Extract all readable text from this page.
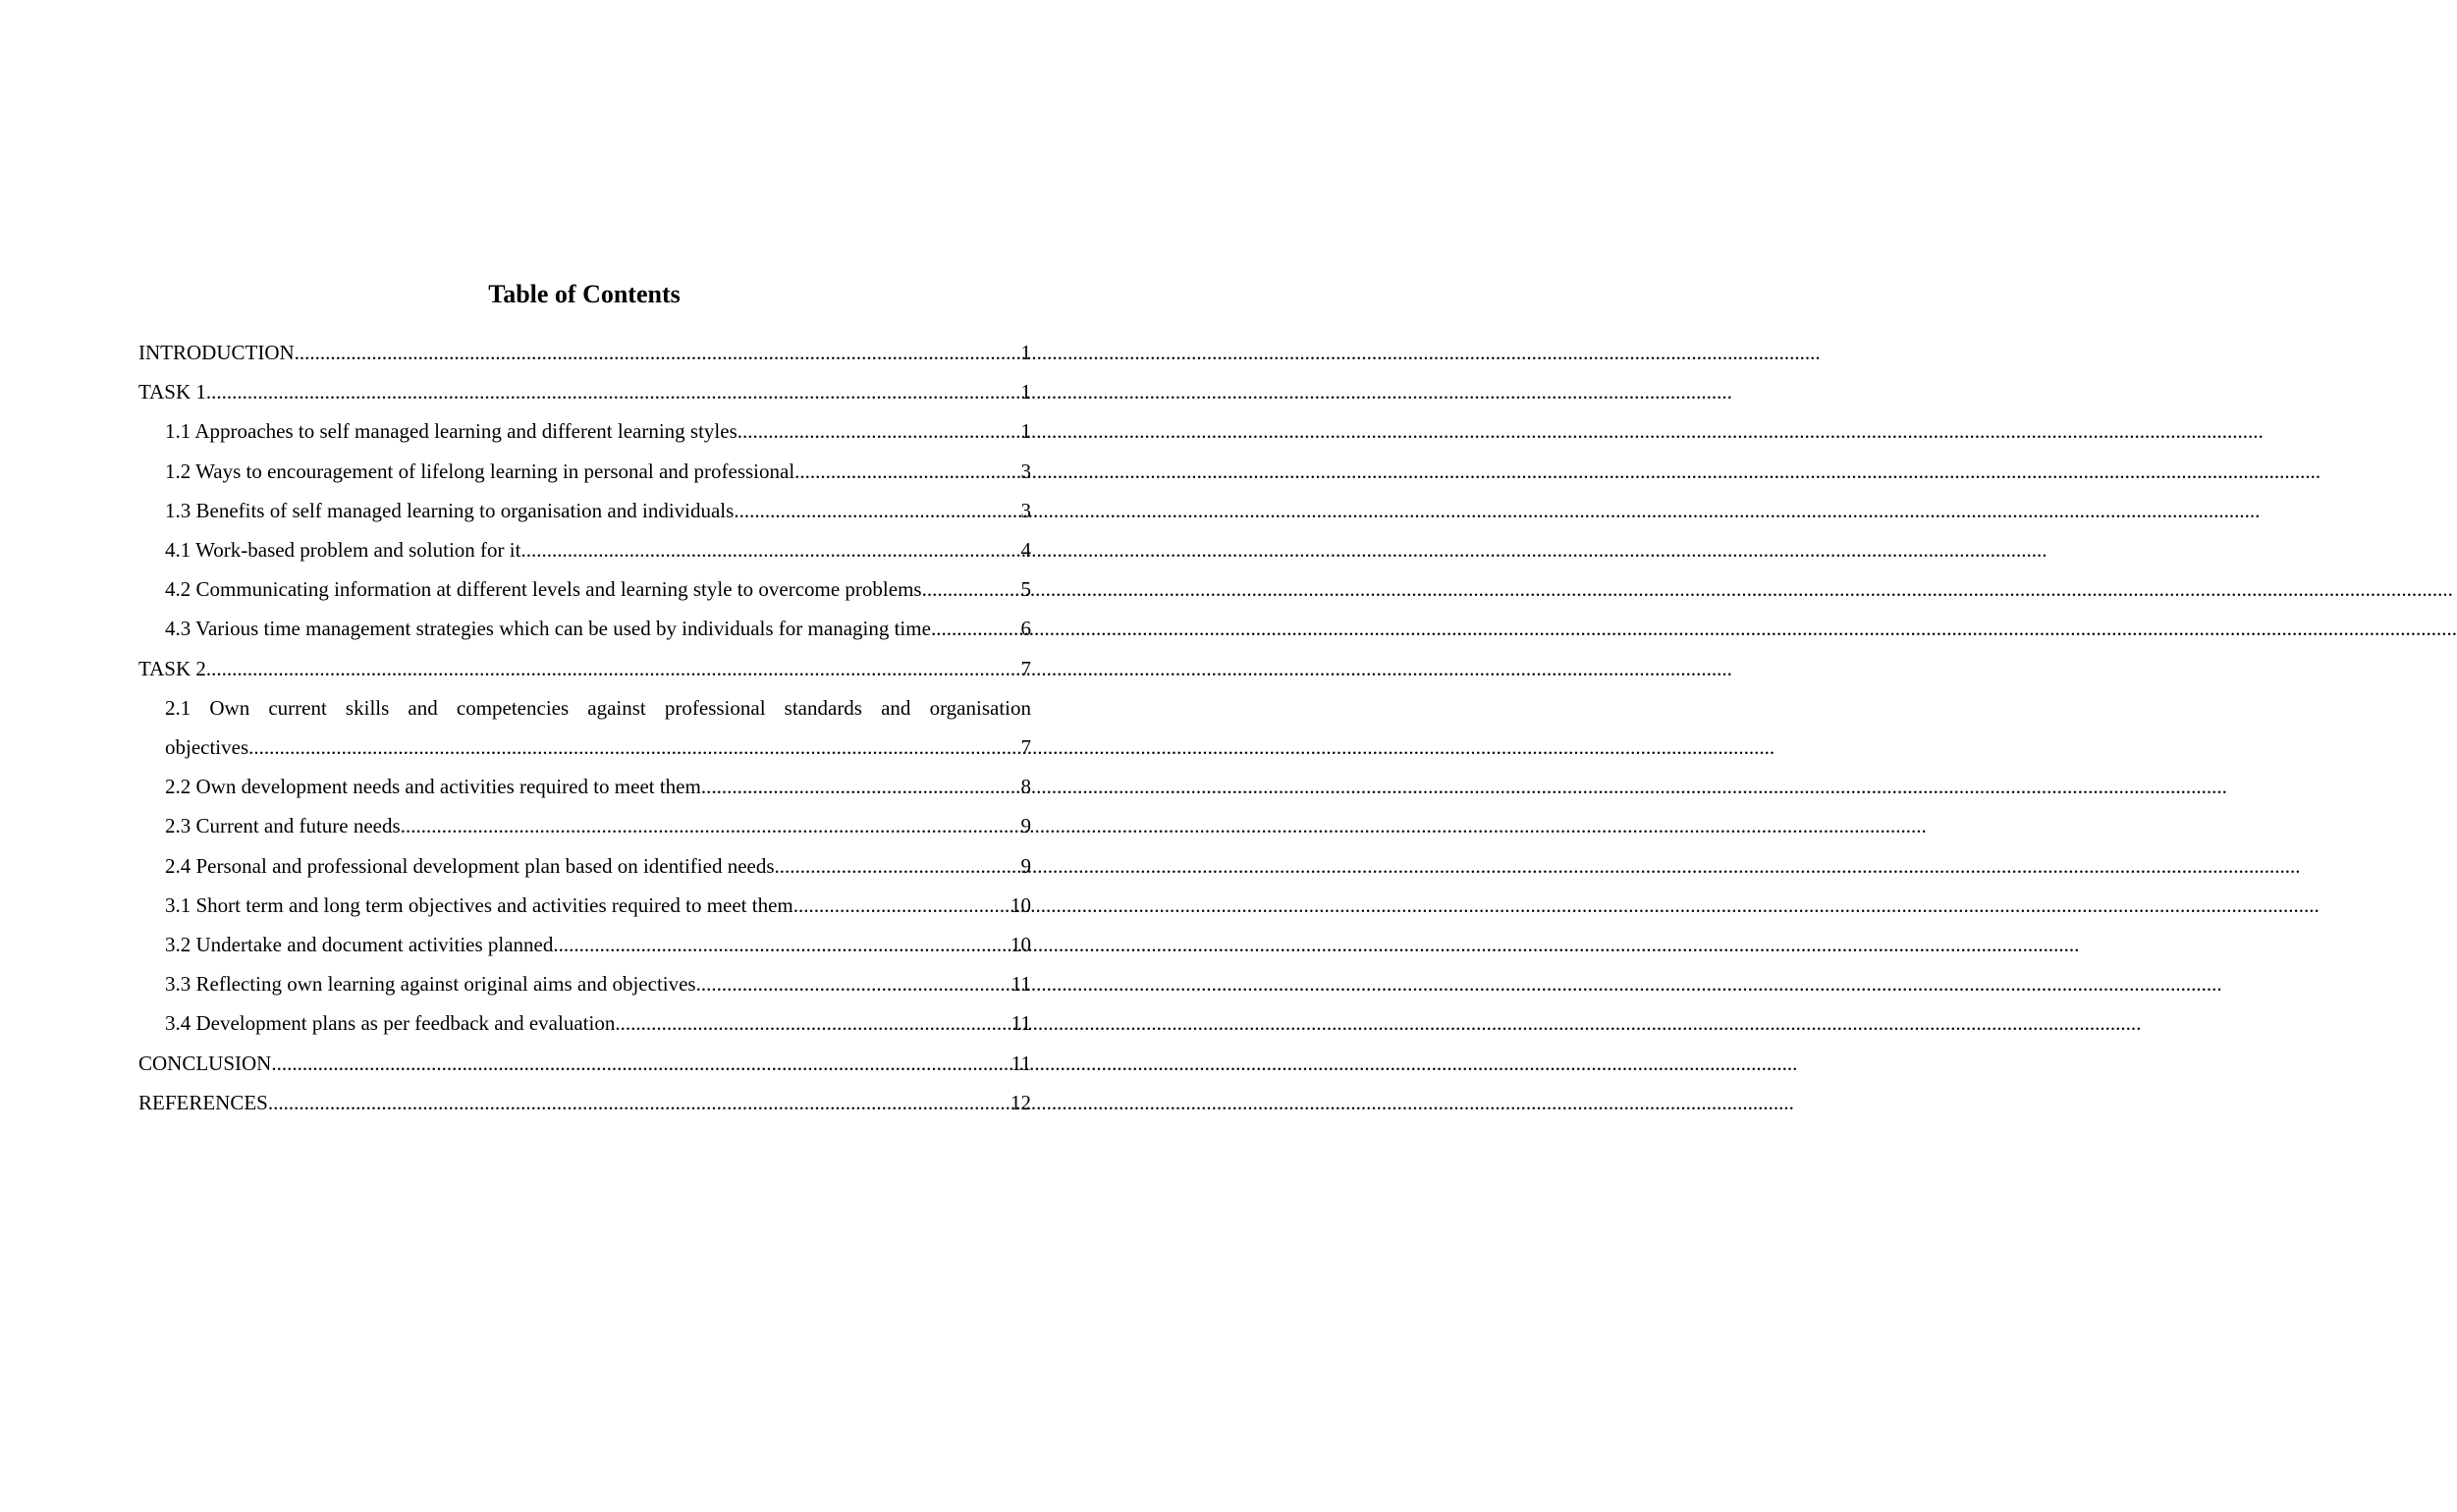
Table of Contents
INTRODUCTION .....	1
TASK 1 .....	1
1.1 Approaches to self managed learning and different learning styles .....	1
1.2 Ways to encouragement of lifelong learning in personal and professional .....	3
1.3 Benefits of self managed learning to organisation and individuals .....	3
4.1 Work-based problem and solution for it .....	4
4.2 Communicating information at different levels and learning style to overcome problems. .....	5
4.3 Various time management strategies which can be used by individuals for managing time .....	6
TASK 2 .....	7
2.1 Own current skills and competencies against professional standards and organisation
objectives .....	7
2.2 Own development needs and activities required to meet them .....	8
2.3 Current and future needs .....	9
2.4 Personal and professional development plan based on identified needs .....	9
3.1 Short term and long term objectives and activities required to meet them .....	10
3.2 Undertake and document activities planned .....	10
3.3 Reflecting own learning against original aims and objectives .....	11
3.4 Development plans as per feedback and evaluation .....	11
CONCLUSION .....	11
REFERENCES .....	12
